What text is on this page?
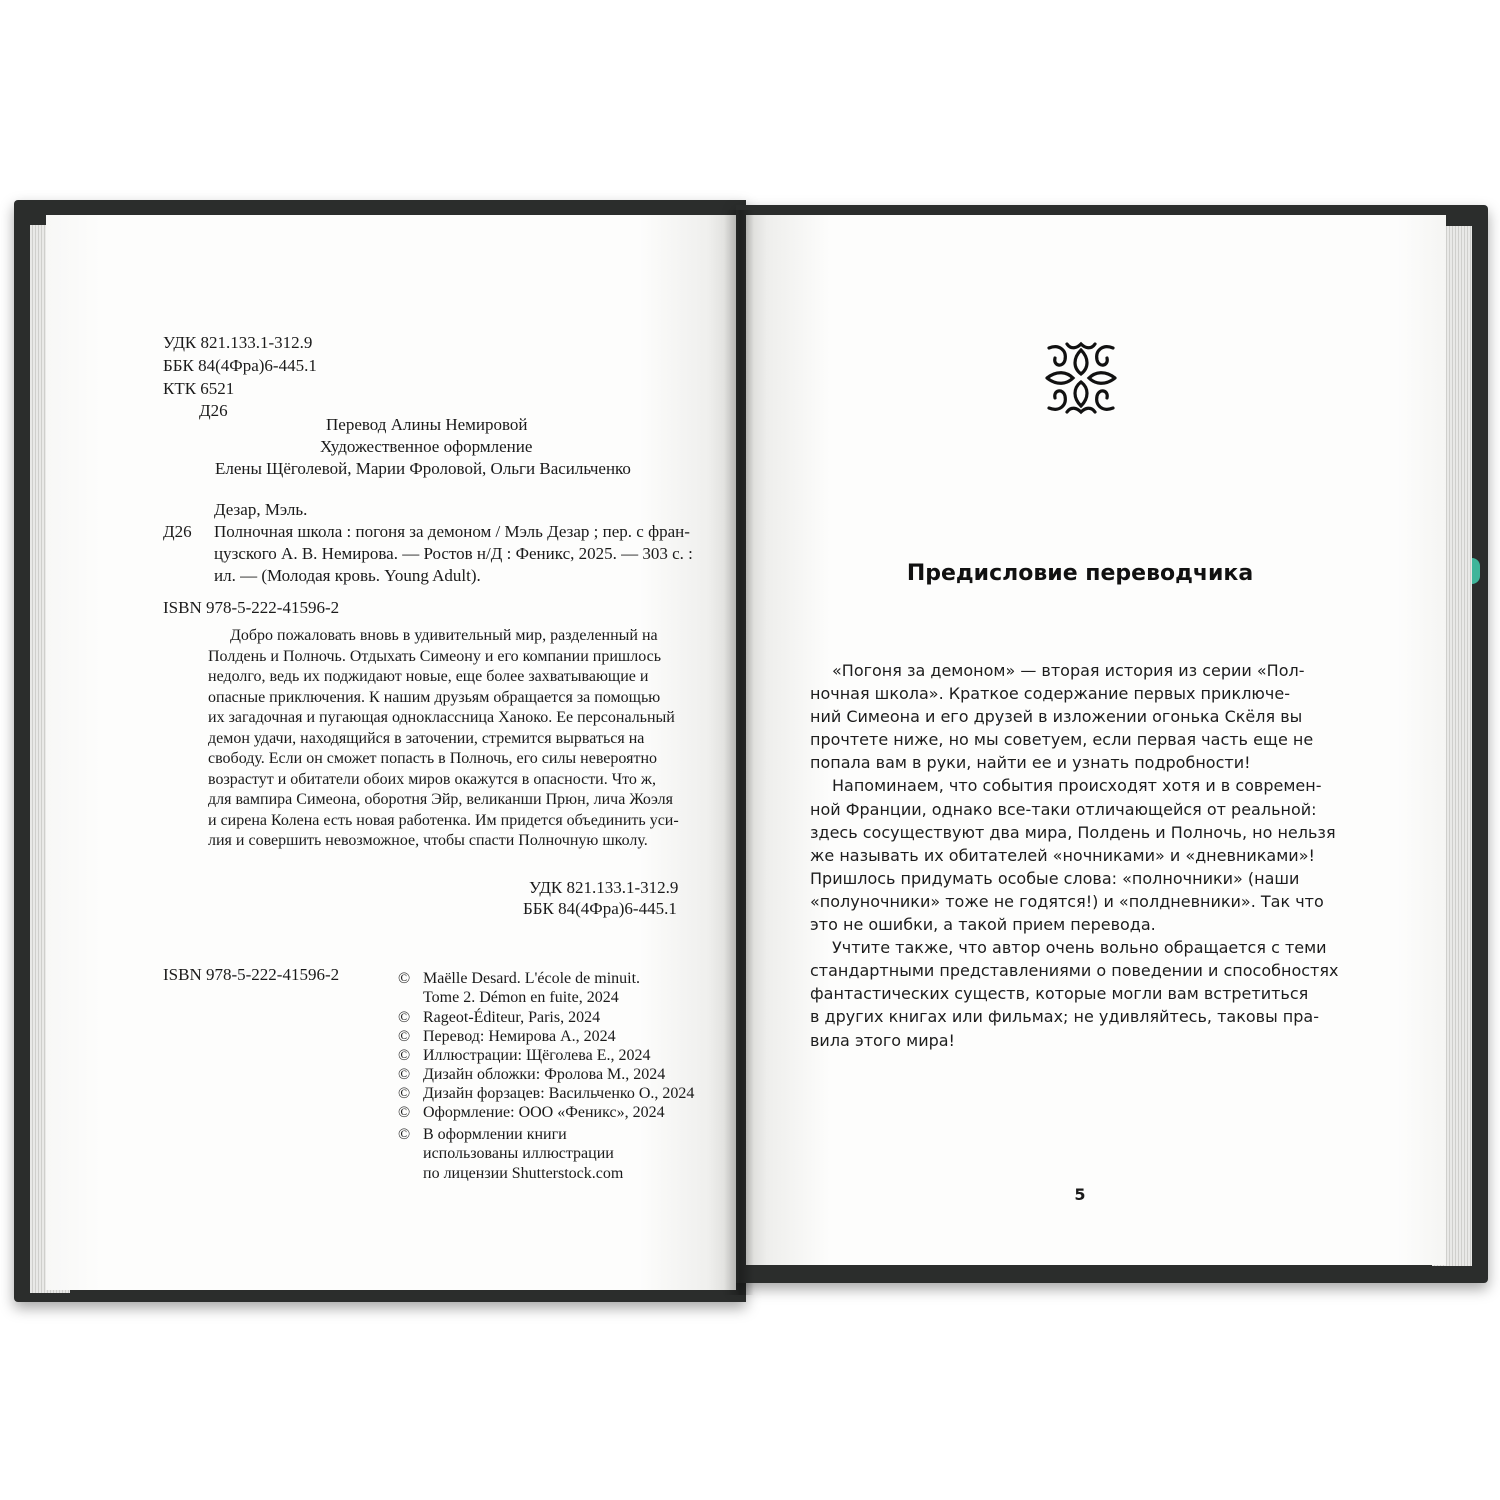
УДК 821.133.1-312.9
ББК 84(4Фра)6-445.1
КТК 6521
Д26
Перевод Алины Немировой
Художественное оформление
Елены Щёголевой, Марии Фроловой, Ольги Васильченко
Дезар, Мэль.
Д26 Полночная школа : погоня за демоном / Мэль Дезар ; пер. с фран-
цузского А. В. Немирова. — Ростов н/Д : Феникс, 2025. — 303 с. :
ил. — (Молодая кровь. Young Adult).
ISBN 978-5-222-41596-2
Добро пожаловать вновь в удивительный мир, разделенный на
Полдень и Полночь. Отдыхать Симеону и его компании пришлось
недолго, ведь их поджидают новые, еще более захватывающие и
опасные приключения. К нашим друзьям обращается за помощью
их загадочная и пугающая одноклассница Ханоко. Ее персональный
демон удачи, находящийся в заточении, стремится вырваться на
свободу. Если он сможет попасть в Полночь, его силы невероятно
возрастут и обитатели обоих миров окажутся в опасности. Что ж,
для вампира Симеона, оборотня Эйр, великанши Прюн, лича Жоэля
и сирена Колена есть новая работенка. Им придется объединить уси-
лия и совершить невозможное, чтобы спасти Полночную школу.
УДК 821.133.1-312.9
ББК 84(4Фра)6-445.1
ISBN 978-5-222-41596-2	© Maëlle Desard. L'école de minuit.
Tome 2. Démon en fuite, 2024
© Rageot-Éditeur, Paris, 2024
© Перевод: Немирова А., 2024
© Иллюстрации: Щёголева Е., 2024
© Дизайн обложки: Фролова М., 2024
© Дизайн форзацев: Васильченко О., 2024
© Оформление: ООО «Феникс», 2024
© В оформлении книги
использованы иллюстрации
по лицензии Shutterstock.com
Предисловие переводчика
«Погоня за демоном» — вторая история из серии «Пол-
ночная школа». Краткое содержание первых приключе-
ний Симеона и его друзей в изложении огонька Скёля вы
прочтете ниже, но мы советуем, если первая часть еще не
попала вам в руки, найти ее и узнать подробности!
Напоминаем, что события происходят хотя и в современ-
ной Франции, однако все-таки отличающейся от реальной:
здесь сосуществуют два мира, Полдень и Полночь, но нельзя
же называть их обитателей «ночниками» и «дневниками»!
Пришлось придумать особые слова: «полночники» (наши
«полуночники» тоже не годятся!) и «полдневники». Так что
это не ошибки, а такой прием перевода.
Учтите также, что автор очень вольно обращается с теми
стандартными представлениями о поведении и способностях
фантастических существ, которые могли вам встретиться
в других книгах или фильмах; не удивляйтесь, таковы пра-
вила этого мира!
5
